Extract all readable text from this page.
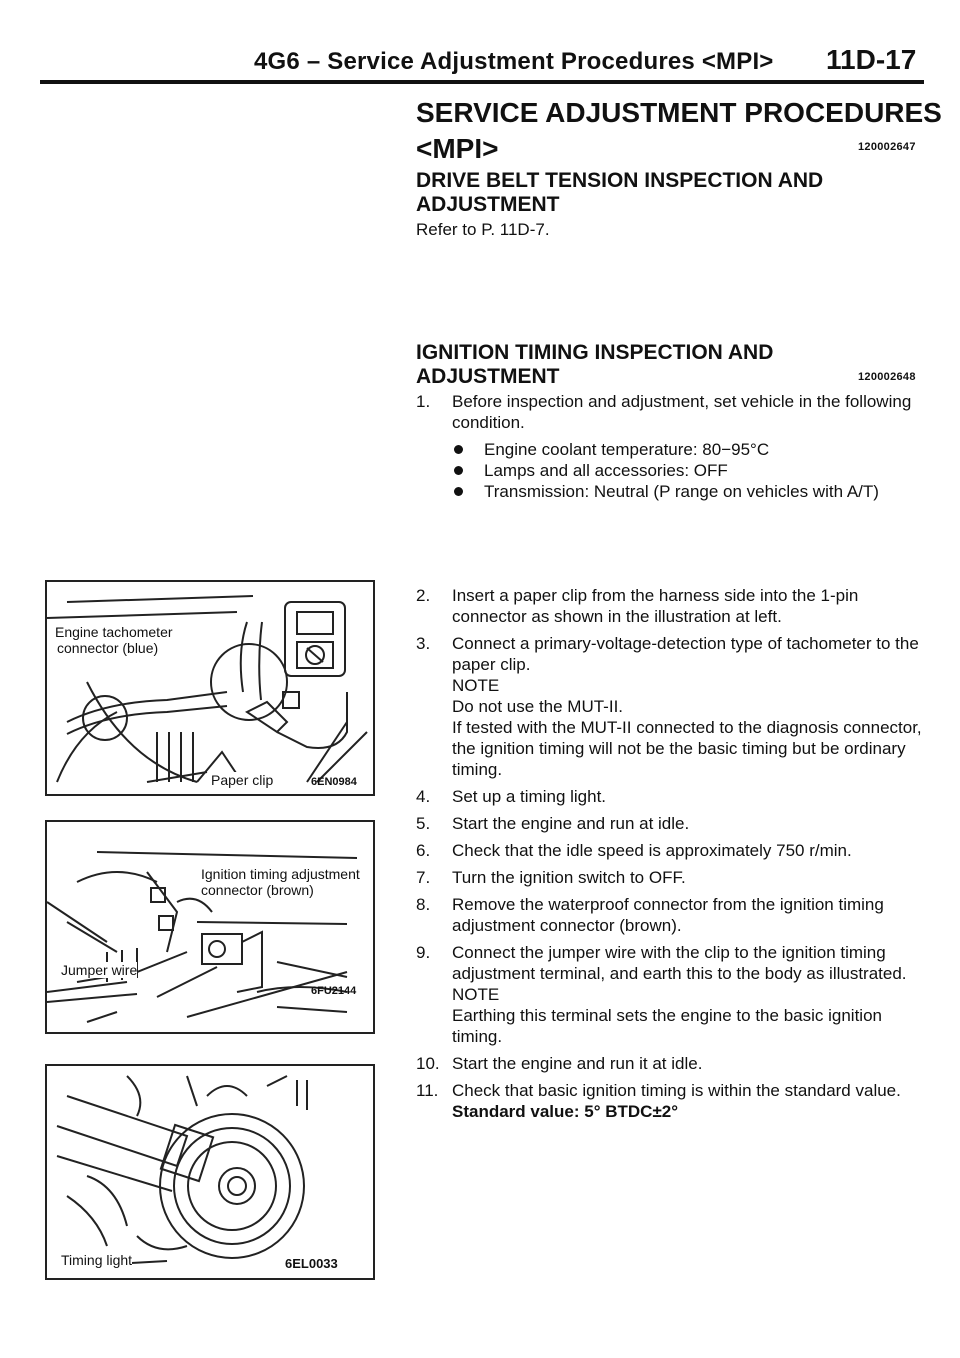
4G6 – Service Adjustment Procedures <MPI> 11D-17
SERVICE ADJUSTMENT PROCEDURES
<MPI>	120002647
DRIVE BELT TENSION INSPECTION AND
ADJUSTMENT
Refer to P. 11D-7.
IGNITION TIMING INSPECTION AND
ADJUSTMENT	120002648
1. Before inspection and adjustment, set vehicle in the following condition.

Engine coolant temperature: 80−95°C
Lamps and all accessories: OFF
Transmission: Neutral (P range on vehicles with A/T)
2. Insert a paper clip from the harness side into the 1-pin connector as shown in the illustration at left.

3. Connect a primary-voltage-detection type of tachometer to the paper clip.

NOTE

Do not use the MUT-II.

If tested with the MUT-II connected to the diagnosis connector, the ignition timing will not be the basic timing but be ordinary timing.

4. Set up a timing light.

5. Start the engine and run at idle.

6. Check that the idle speed is approximately 750 r/min.

7. Turn the ignition switch to OFF.

8. Remove the waterproof connector from the ignition timing adjustment connector (brown).

9. Connect the jumper wire with the clip to the ignition timing adjustment terminal, and earth this to the body as illustrated.

NOTE

Earthing this terminal sets the engine to the basic ignition timing.

10. Start the engine and run it at idle.

11. Check that basic ignition timing is within the standard value.

Standard value: 5° BTDC±2°

Engine tachometer
connector (blue)
Paper clip	6EN0984
Ignition timing adjustment
connector (brown)
Jumper wire
6FU2144
Timing light	6EL0033
